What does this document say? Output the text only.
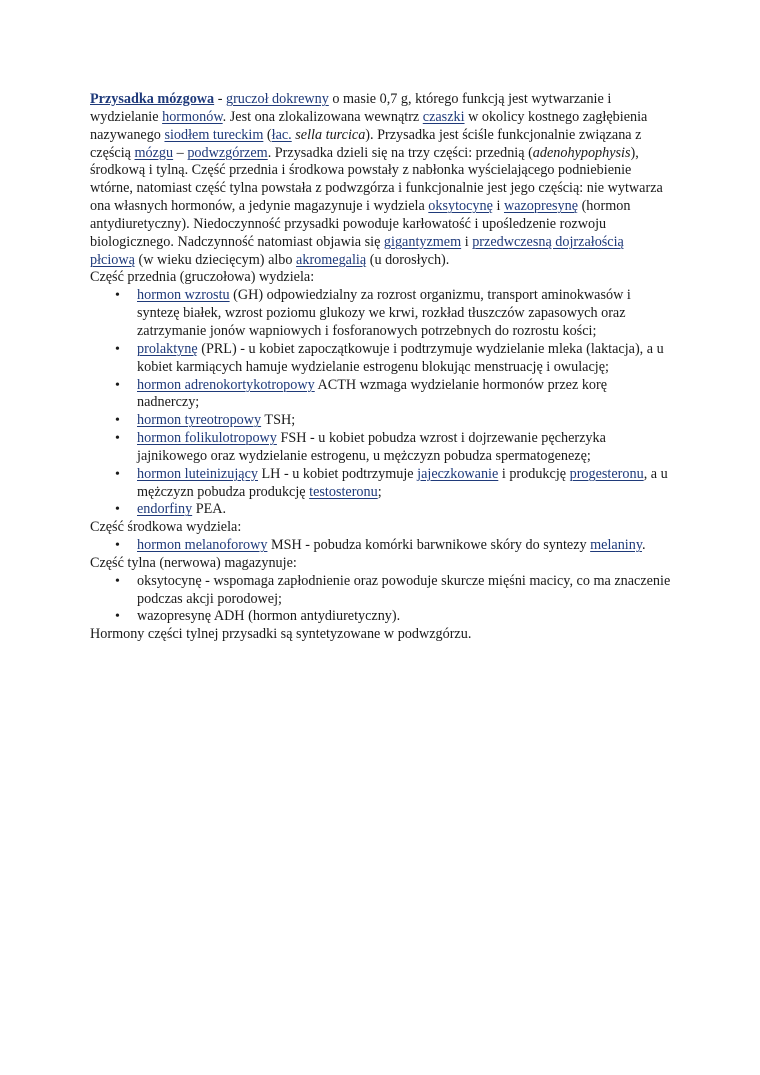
Przysadka mózgowa - gruczoł dokrewny o masie 0,7 g, którego funkcją jest wytwarzanie i wydzielanie hormonów. Jest ona zlokalizowana wewnątrz czaszki w okolicy kostnego zagłębienia nazywanego siodłem tureckim (łac. sella turcica). Przysadka jest ściśle funkcjonalnie związana z częścią mózgu – podwzgórzem. Przysadka dzieli się na trzy części: przednią (adenohypophysis), środkową i tylną. Część przednia i środkowa powstały z nabłonka wyścielającego podniebienie wtórne, natomiast część tylna powstała z podwzgórza i funkcjonalnie jest jego częścią: nie wytwarza ona własnych hormonów, a jedynie magazynuje i wydziela oksytocynę i wazopresynę (hormon antydiuretyczny). Niedoczynność przysadki powoduje karłowatość i upośledzenie rozwoju biologicznego. Nadczynność natomiast objawia się gigantyzmem i przedwczesną dojrzałością płciową (w wieku dziecięcym) albo akromegalią (u dorosłych).

Część przednia (gruczołowa) wydziela:

• hormon wzrostu (GH) odpowiedzialny za rozrost organizmu, transport aminokwasów i syntezę białek, wzrost poziomu glukozy we krwi, rozkład tłuszczów zapasowych oraz zatrzymanie jonów wapniowych i fosforanowych potrzebnych do rozrostu kości;
• prolaktynę (PRL) - u kobiet zapoczątkowuje i podtrzymuje wydzielanie mleka (laktacja), a u kobiet karmiących hamuje wydzielanie estrogenu blokując menstruację i owulację;
• hormon adrenokortykotropowy ACTH wzmaga wydzielanie hormonów przez korę nadnerczy;
• hormon tyreotropowy TSH;
• hormon folikulotropowy FSH - u kobiet pobudza wzrost i dojrzewanie pęcherzyka jajnikowego oraz wydzielanie estrogenu, u mężczyzn pobudza spermatogenezę;
• hormon luteinizujący LH - u kobiet podtrzymuje jajeczkowanie i produkcję progesteronu, a u mężczyzn pobudza produkcję testosteronu;
• endorfiny PEA.

Część środkowa wydziela:

• hormon melanoforowy MSH - pobudza komórki barwnikowe skóry do syntezy melaniny.

Część tylna (nerwowa) magazynuje:

• oksytocynę - wspomaga zapłodnienie oraz powoduje skurcze mięśni macicy, co ma znaczenie podczas akcji porodowej;
• wazopresynę ADH (hormon antydiuretyczny).

Hormony części tylnej przysadki są syntetyzowane w podwzgórzu.
